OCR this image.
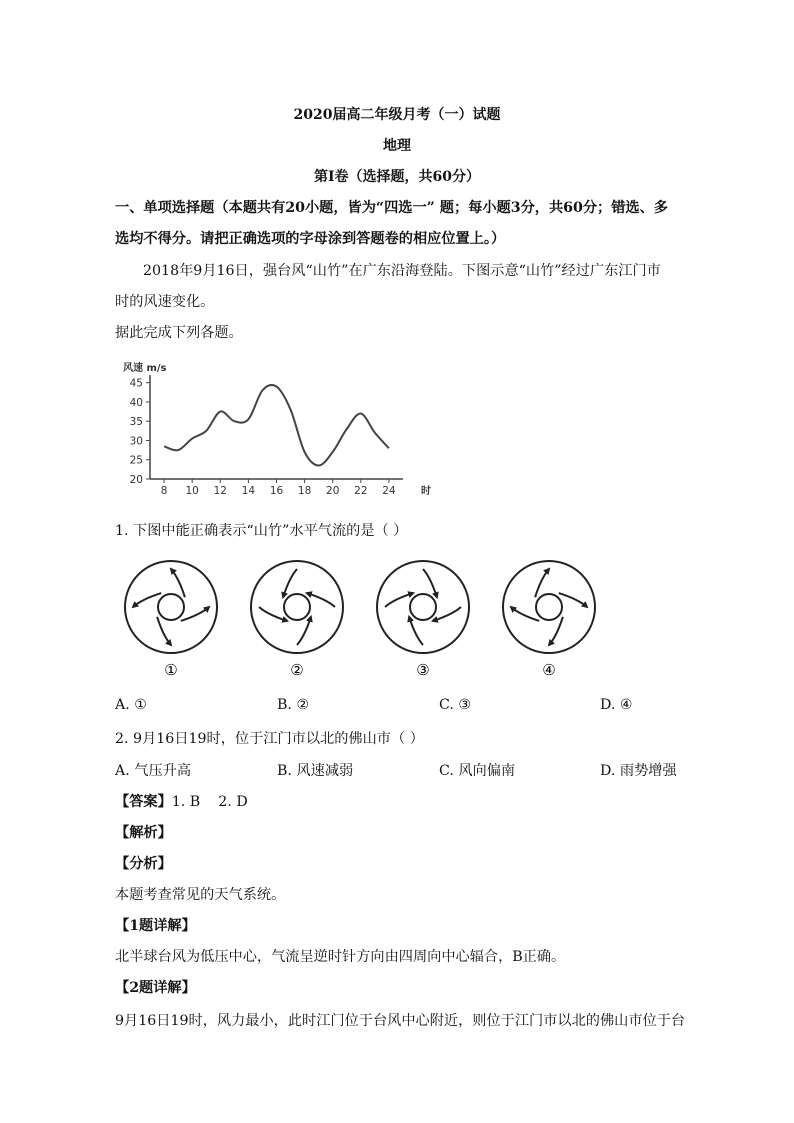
2020届高二年级月考（一）试题
地理
第Ⅰ卷（选择题，共60分）
一、单项选择题（本题共有20小题，皆为“四选一” 题；每小题3分，共60分；错选、多
选均不得分。请把正确选项的字母涂到答题卷的相应位置上。）
2018年9月16日，强台风“山竹”在广东沿海登陆。下图示意“山竹”经过广东江门市
时的风速变化。
据此完成下列各题。
风速 m/s
时
8 10 12 14 16 18 20 22 24
20
25
30
35
40
45
1. 下图中能正确表示“山竹”水平气流的是（ ）
①	②	③	④
A. ①	B. ②	C. ③	D. ④
2. 9月16日19时，位于江门市以北的佛山市（ ）
A. 气压升高	B. 风速减弱	C. 风向偏南	D. 雨势增强
【答案】1. B    2. D
【解析】
【分析】
本题考查常见的天气系统。
【1题详解】
北半球台风为低压中心，气流呈逆时针方向由四周向中心辐合，B正确。
【2题详解】
9月16日19时，风力最小，此时江门位于台风中心附近，则位于江门市以北的佛山市位于台
